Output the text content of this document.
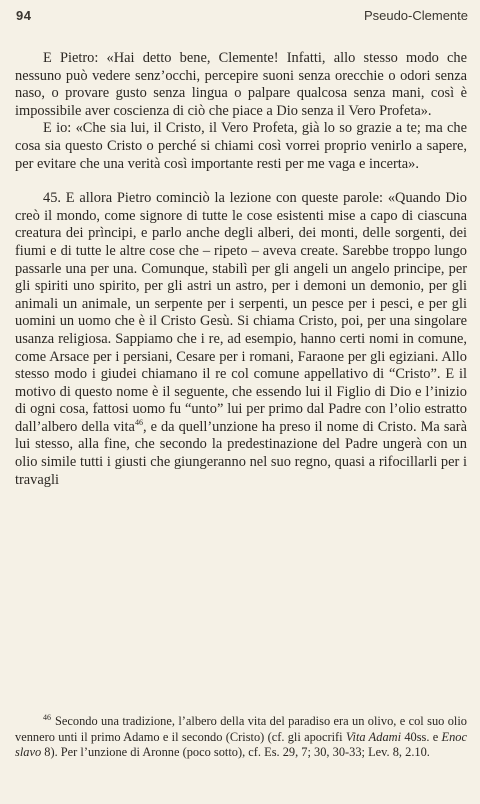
94	Pseudo-Clemente

E Pietro: «Hai detto bene, Clemente! Infatti, allo stesso modo che nessuno può vedere senz’occhi, percepire suoni senza orecchie o odori senza naso, o provare gusto senza lingua o palpare qualcosa senza mani, così è impossibile aver coscienza di ciò che piace a Dio senza il Vero Profeta».

E io: «Che sia lui, il Cristo, il Vero Profeta, già lo so grazie a te; ma che cosa sia questo Cristo o perché si chiami così vorrei proprio venirlo a sapere, per evitare che una verità così importante resti per me vaga e incerta».

45. E allora Pietro cominciò la lezione con queste parole: «Quando Dio creò il mondo, come signore di tutte le cose esistenti mise a capo di ciascuna creatura dei prìncipi, e parlo anche degli alberi, dei monti, delle sorgenti, dei fiumi e di tutte le altre cose che – ripeto – aveva create. Sarebbe troppo lungo passarle una per una. Comunque, stabilì per gli angeli un angelo principe, per gli spiriti uno spirito, per gli astri un astro, per i demoni un demonio, per gli animali un animale, un serpente per i serpenti, un pesce per i pesci, e per gli uomini un uomo che è il Cristo Gesù. Si chiama Cristo, poi, per una singolare usanza religiosa. Sappiamo che i re, ad esempio, hanno certi nomi in comune, come Arsace per i persiani, Cesare per i romani, Faraone per gli egiziani. Allo stesso modo i giudei chiamano il re col comune appellativo di “Cristo”. E il motivo di questo nome è il seguente, che essendo lui il Figlio di Dio e l’inizio di ogni cosa, fattosi uomo fu “unto” lui per primo dal Padre con l’olio estratto dall’albero della vita$^{46}$, e da quell’unzione ha preso il nome di Cristo. Ma sarà lui stesso, alla fine, che secondo la predestinazione del Padre ungerà con un olio simile tutti i giusti che giungeranno nel suo regno, quasi a rifocillarli per i travagli

$^{46}$ Secondo una tradizione, l’albero della vita del paradiso era un olivo, e col suo olio vennero unti il primo Adamo e il secondo (Cristo) (cf. gli apocrifi Vita Adami 40ss. e Enoc slavo 8). Per l’unzione di Aronne (poco sotto), cf. Es. 29, 7; 30, 30-33; Lev. 8, 2.10.
